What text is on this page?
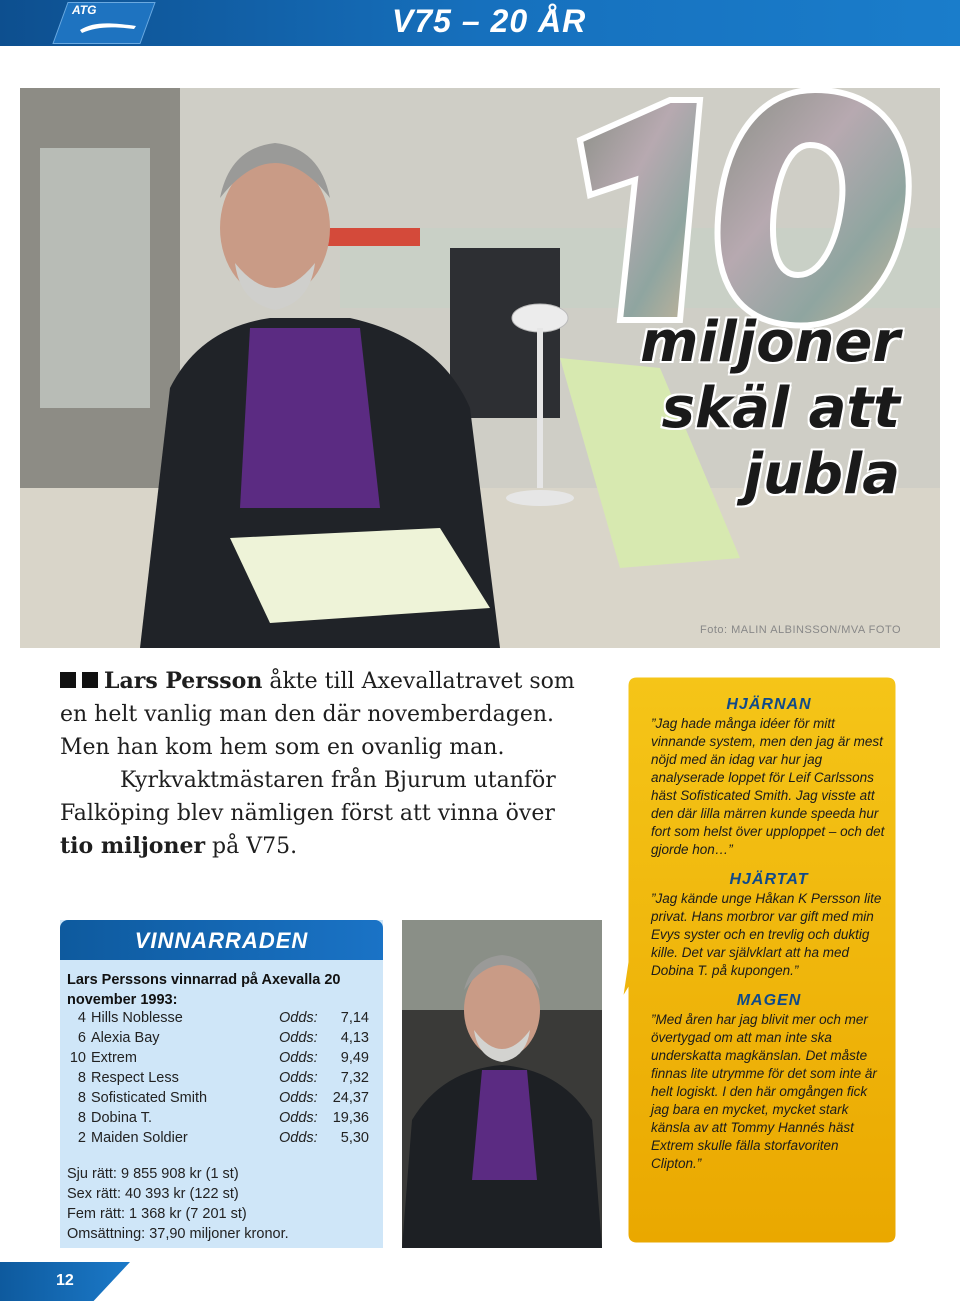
ATG	V75 – 20 ÅR
miljoner
skäl att
jubla
Foto: MALIN ALBINSSON/MVA FOTO
Lars Persson åkte till Axevallatravet som en helt vanlig man den där novemberdagen. Men han kom hem som en ovanlig man.
Kyrkvaktmästaren från Bjurum utanför Falköping blev nämligen först att vinna över tio miljoner på V75.
VINNARRADEN
Lars Perssons vinnarrad på Axevalla 20 november 1993:
4 Hills Noblesse	Odds:	7,14
6 Alexia Bay	Odds:	4,13
10 Extrem	Odds:	9,49
8 Respect Less	Odds:	7,32
8 Sofisticated Smith	Odds:	24,37
8 Dobina T.	Odds:	19,36
2 Maiden Soldier	Odds:	5,30
Sju rätt: 9 855 908 kr (1 st)
Sex rätt: 40 393 kr (122 st)
Fem rätt: 1 368 kr (7 201 st)
Omsättning: 37,90 miljoner kronor.
HJÄRNAN

”Jag hade många idéer för mitt vinnande system, men den jag är mest nöjd med än idag var hur jag analyserade loppet för Leif Carlssons häst Sofisticated Smith. Jag visste att den där lilla märren kunde speeda hur fort som helst över upploppet – och det gjorde hon…”

HJÄRTAT

”Jag kände unge Håkan K Persson lite privat. Hans morbror var gift med min Evys syster och en trevlig och duktig kille. Det var självklart att ha med Dobina T. på kupongen.”

MAGEN

”Med åren har jag blivit mer och mer övertygad om att man inte ska underskatta magkänslan. Det måste finnas lite utrymme för det som inte är helt logiskt. I den här omgången fick jag bara en mycket, mycket stark känsla av att Tommy Hannés häst Extrem skulle fälla storfavoriten Clipton.”

12
